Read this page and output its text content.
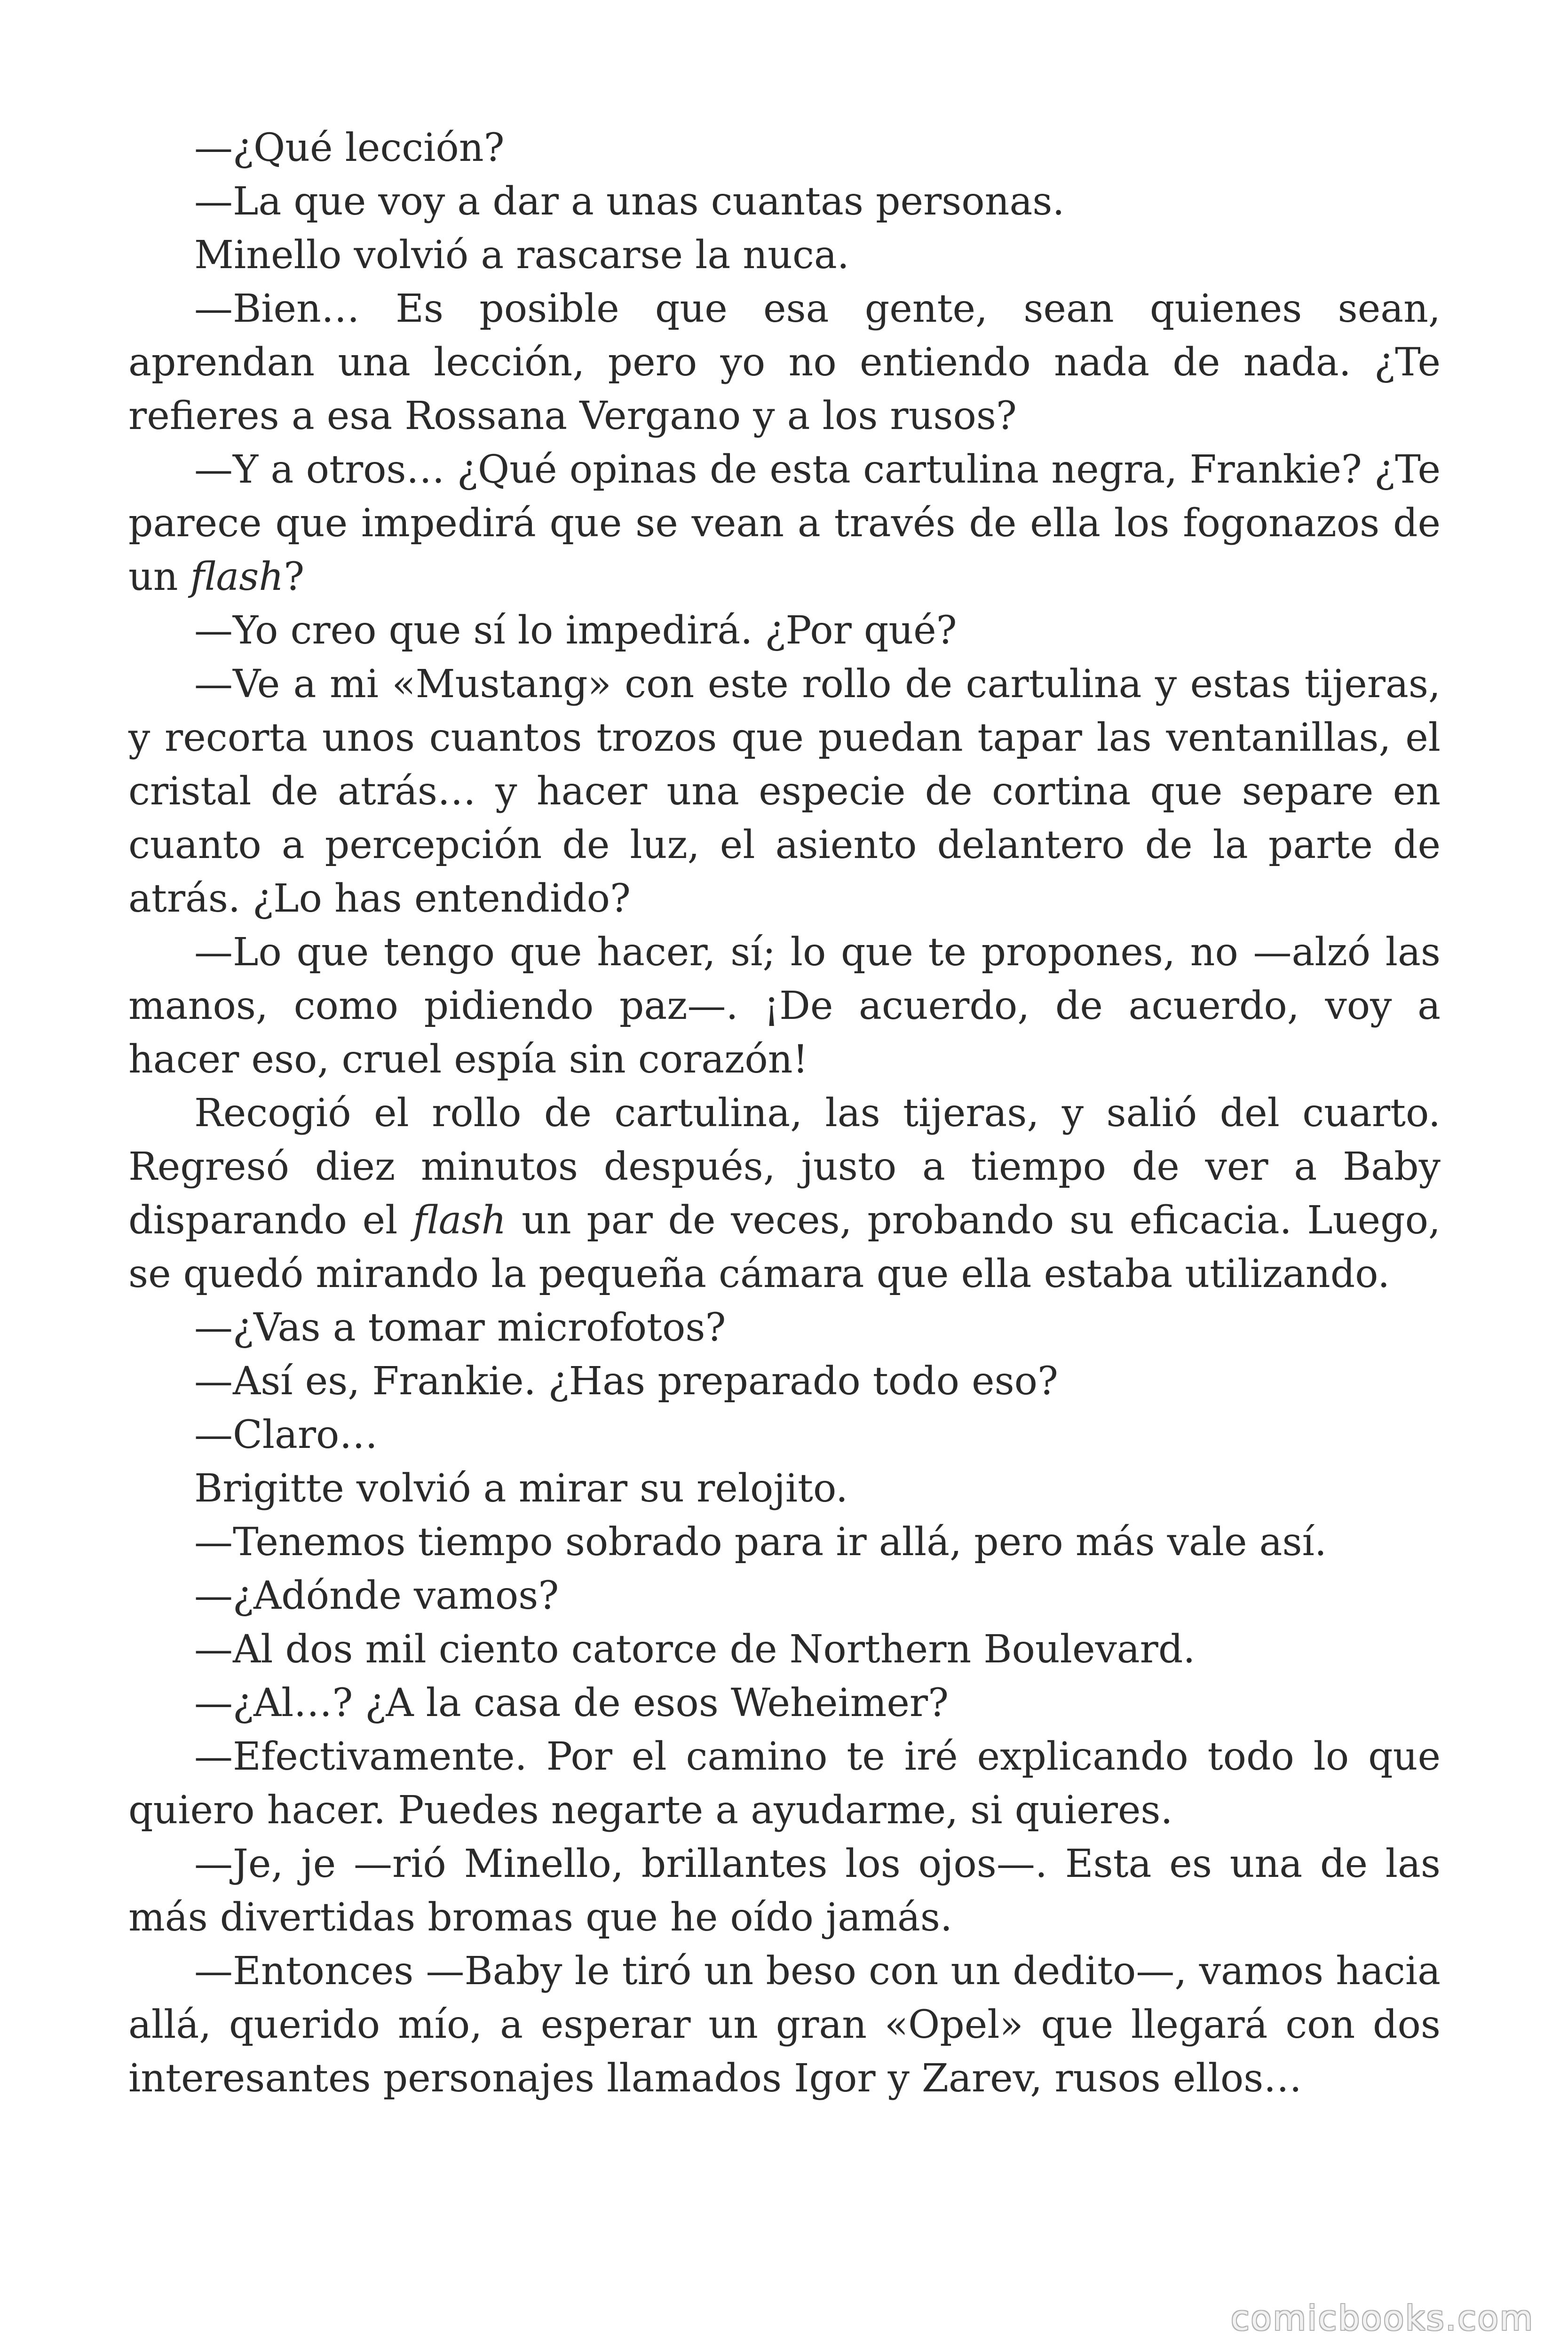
—¿Qué lección?

—La que voy a dar a unas cuantas personas.

Minello volvió a rascarse la nuca.

—Bien… Es posible que esa gente, sean quienes sean, aprendan una lección, pero yo no entiendo nada de nada. ¿Te refieres a esa Rossana Vergano y a los rusos?

—Y a otros… ¿Qué opinas de esta cartulina negra, Frankie? ¿Te parece que impedirá que se vean a través de ella los fogonazos de un flash?

—Yo creo que sí lo impedirá. ¿Por qué?

—Ve a mi «Mustang» con este rollo de cartulina y estas tijeras, y recorta unos cuantos trozos que puedan tapar las ventanillas, el cristal de atrás… y hacer una especie de cortina que separe en cuanto a percepción de luz, el asiento delantero de la parte de atrás. ¿Lo has entendido?

—Lo que tengo que hacer, sí; lo que te propones, no —alzó las manos, como pidiendo paz—. ¡De acuerdo, de acuerdo, voy a hacer eso, cruel espía sin corazón!

Recogió el rollo de cartulina, las tijeras, y salió del cuarto. Regresó diez minutos después, justo a tiempo de ver a Baby disparando el flash un par de veces, probando su eficacia. Luego, se quedó mirando la pequeña cámara que ella estaba utilizando.

—¿Vas a tomar microfotos?

—Así es, Frankie. ¿Has preparado todo eso?

—Claro…

Brigitte volvió a mirar su relojito.

—Tenemos tiempo sobrado para ir allá, pero más vale así.

—¿Adónde vamos?

—Al dos mil ciento catorce de Northern Boulevard.

—¿Al…? ¿A la casa de esos Weheimer?

—Efectivamente. Por el camino te iré explicando todo lo que quiero hacer. Puedes negarte a ayudarme, si quieres.

—Je, je —rió Minello, brillantes los ojos—. Esta es una de las más divertidas bromas que he oído jamás.

—Entonces —Baby le tiró un beso con un dedito—, vamos hacia allá, querido mío, a esperar un gran «Opel» que llegará con dos interesantes personajes llamados Igor y Zarev, rusos ellos…

comicbooks.com
